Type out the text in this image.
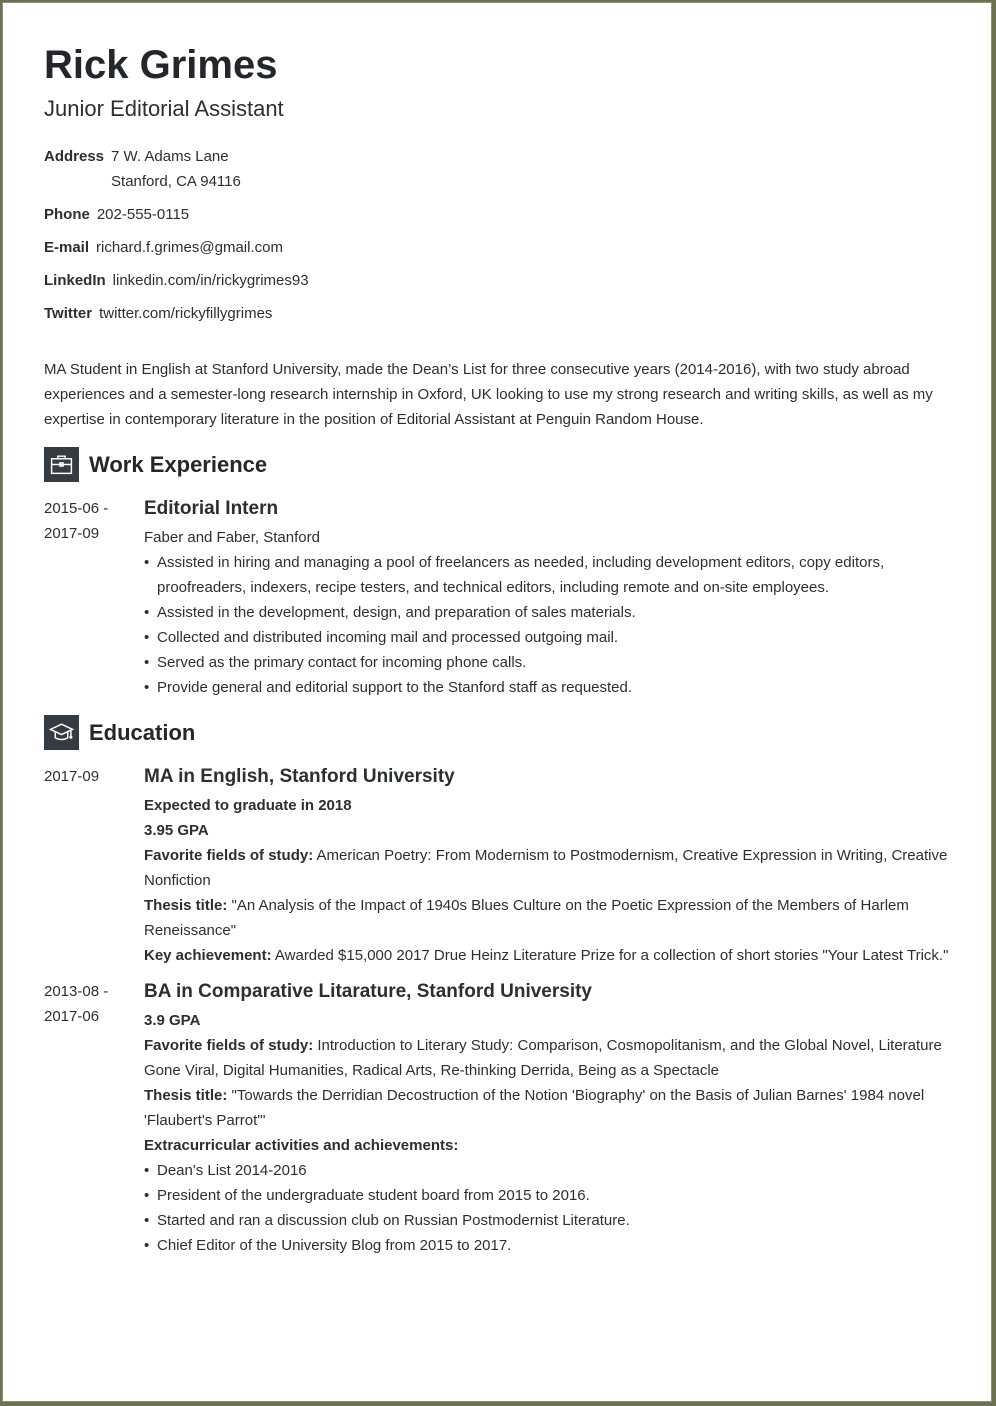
Rick Grimes
Junior Editorial Assistant
Address 7 W. Adams Lane
Stanford, CA 94116
Phone 202-555-0115
E-mail richard.f.grimes@gmail.com
LinkedIn linkedin.com/in/rickygrimes93
Twitter twitter.com/rickyfillygrimes
MA Student in English at Stanford University, made the Dean’s List for three consecutive years (2014-2016), with two study abroad experiences and a semester-long research internship in Oxford, UK looking to use my strong research and writing skills, as well as my expertise in contemporary literature in the position of Editorial Assistant at Penguin Random House.
Work Experience
2015-06 -
2017-09
Editorial Intern
Faber and Faber, Stanford
• Assisted in hiring and managing a pool of freelancers as needed, including development editors, copy editors, proofreaders, indexers, recipe testers, and technical editors, including remote and on-site employees.
• Assisted in the development, design, and preparation of sales materials.
• Collected and distributed incoming mail and processed outgoing mail.
• Served as the primary contact for incoming phone calls.
• Provide general and editorial support to the Stanford staff as requested.
Education
2017-09	MA in English, Stanford University
Expected to graduate in 2018
3.95 GPA
Favorite fields of study: American Poetry: From Modernism to Postmodernism, Creative Expression in Writing, Creative Nonfiction
Thesis title: "An Analysis of the Impact of 1940s Blues Culture on the Poetic Expression of the Members of Harlem Reneissance"
Key achievement: Awarded $15,000 2017 Drue Heinz Literature Prize for a collection of short stories "Your Latest Trick."
2013-08 -
2017-06
BA in Comparative Litarature, Stanford University
3.9 GPA
Favorite fields of study: Introduction to Literary Study: Comparison, Cosmopolitanism, and the Global Novel, Literature Gone Viral, Digital Humanities, Radical Arts, Re-thinking Derrida, Being as a Spectacle
Thesis title: "Towards the Derridian Decostruction of the Notion 'Biography' on the Basis of Julian Barnes' 1984 novel 'Flaubert's Parrot'"
Extracurricular activities and achievements:
• Dean's List 2014-2016
• President of the undergraduate student board from 2015 to 2016.
• Started and ran a discussion club on Russian Postmodernist Literature.
• Chief Editor of the University Blog from 2015 to 2017.
